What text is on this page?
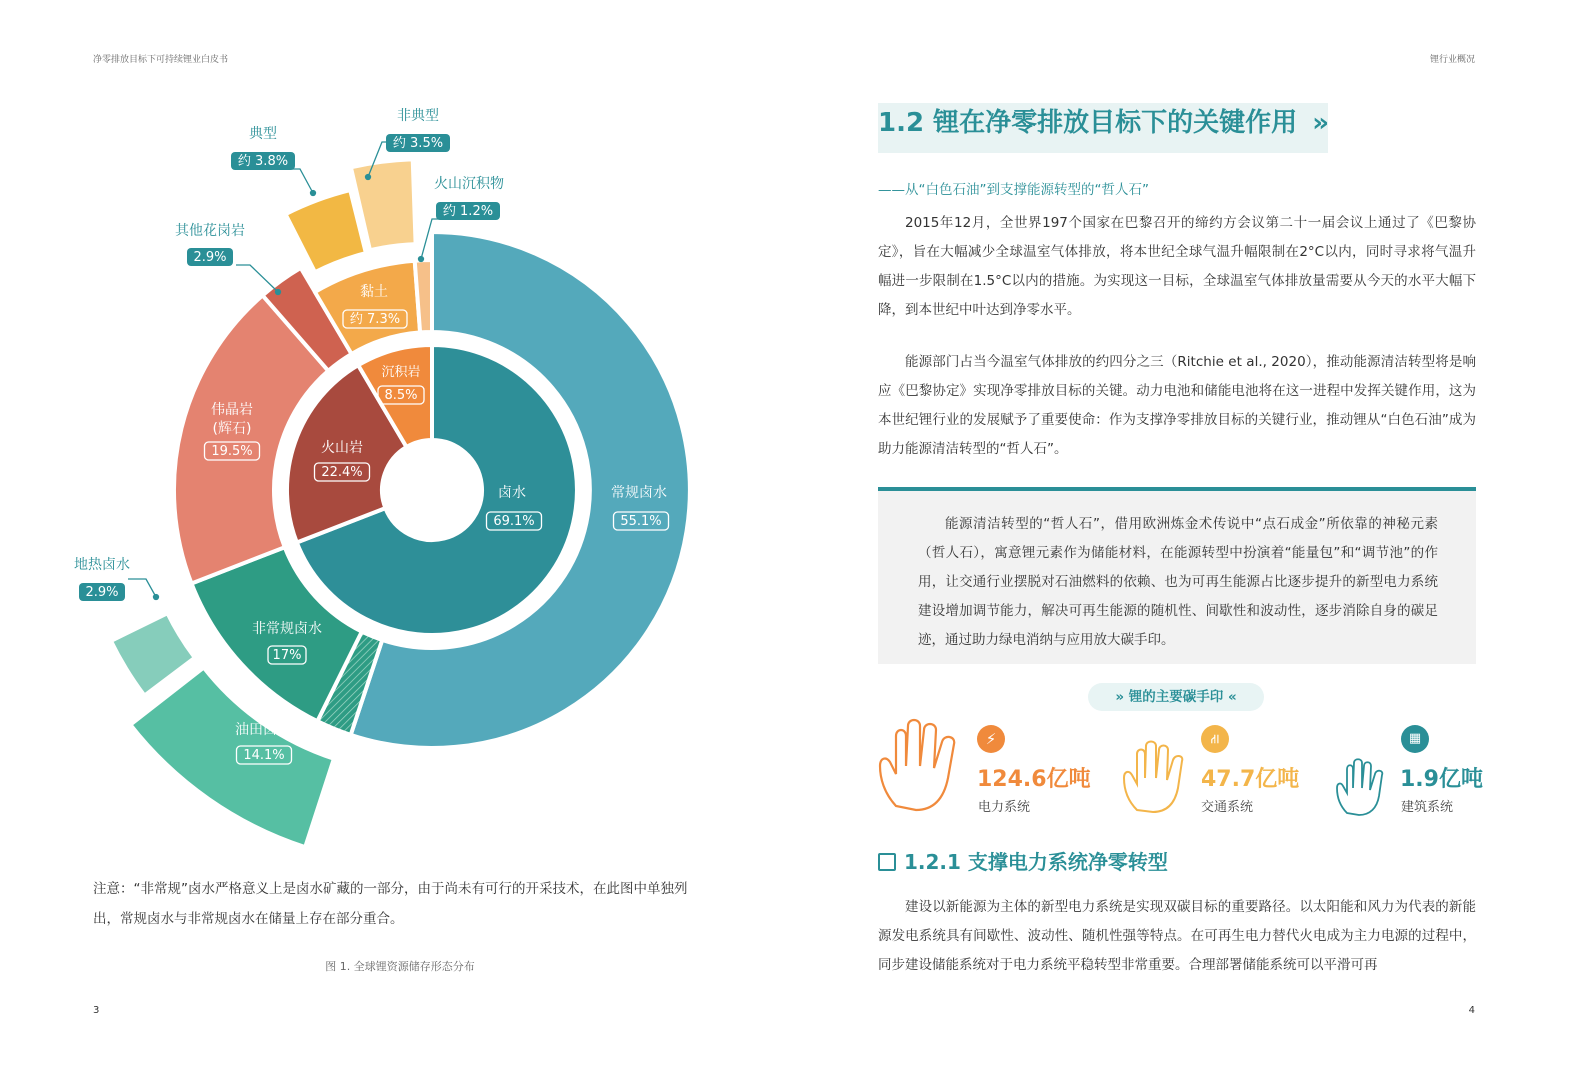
净零排放目标下可持续锂业白皮书	锂行业概况
卤水
69.1%
火山岩
22.4%
沉积岩
8.5%
常规卤水
55.1%
非常规卤水
17%
伟晶岩
(辉石)
19.5%
黏土
约 7.3%
油田卤水
14.1%
典型
约 3.8%
非典型
约 3.5%
火山沉积物
约 1.2%
其他花岗岩
2.9%
地热卤水
2.9%
注意：“非常规”卤水严格意义上是卤水矿藏的一部分，由于尚未有可行的开采技术，在此图中单独列出，常规卤水与非常规卤水在储量上存在部分重合。
图 1. 全球锂资源储存形态分布
3
1.2 锂在净零排放目标下的关键作用 »
——从“白色石油”到支撑能源转型的“哲人石”
2015年12月，全世界197个国家在巴黎召开的缔约方会议第二十一届会议上通过了《巴黎协定》，旨在大幅减少全球温室气体排放，将本世纪全球气温升幅限制在2°C以内，同时寻求将气温升幅进一步限制在1.5°C以内的措施。为实现这一目标，全球温室气体排放量需要从今天的水平大幅下降，到本世纪中叶达到净零水平。
能源部门占当今温室气体排放的约四分之三（Ritchie et al., 2020），推动能源清洁转型将是响应《巴黎协定》实现净零排放目标的关键。动力电池和储能电池将在这一进程中发挥关键作用，这为本世纪锂行业的发展赋予了重要使命：作为支撑净零排放目标的关键行业，推动锂从“白色石油”成为助力能源清洁转型的“哲人石”。
能源清洁转型的“哲人石”，借用欧洲炼金术传说中“点石成金”所依靠的神秘元素（哲人石），寓意锂元素作为储能材料，在能源转型中扮演着“能量包”和“调节池”的作用，让交通行业摆脱对石油燃料的依赖、也为可再生能源占比逐步提升的新型电力系统建设增加调节能力，解决可再生能源的随机性、间歇性和波动性，逐步消除自身的碳足迹，通过助力绿电消纳与应用放大碳手印。
» 锂的主要碳手印 «
⚡
124.6亿吨
电力系统
⛙
47.7亿吨
交通系统
▦
1.9亿吨
建筑系统
1.2.1 支撑电力系统净零转型
建设以新能源为主体的新型电力系统是实现双碳目标的重要路径。以太阳能和风力为代表的新能源发电系统具有间歇性、波动性、随机性强等特点。在可再生电力替代火电成为主力电源的过程中，同步建设储能系统对于电力系统平稳转型非常重要。合理部署储能系统可以平滑可再
4
